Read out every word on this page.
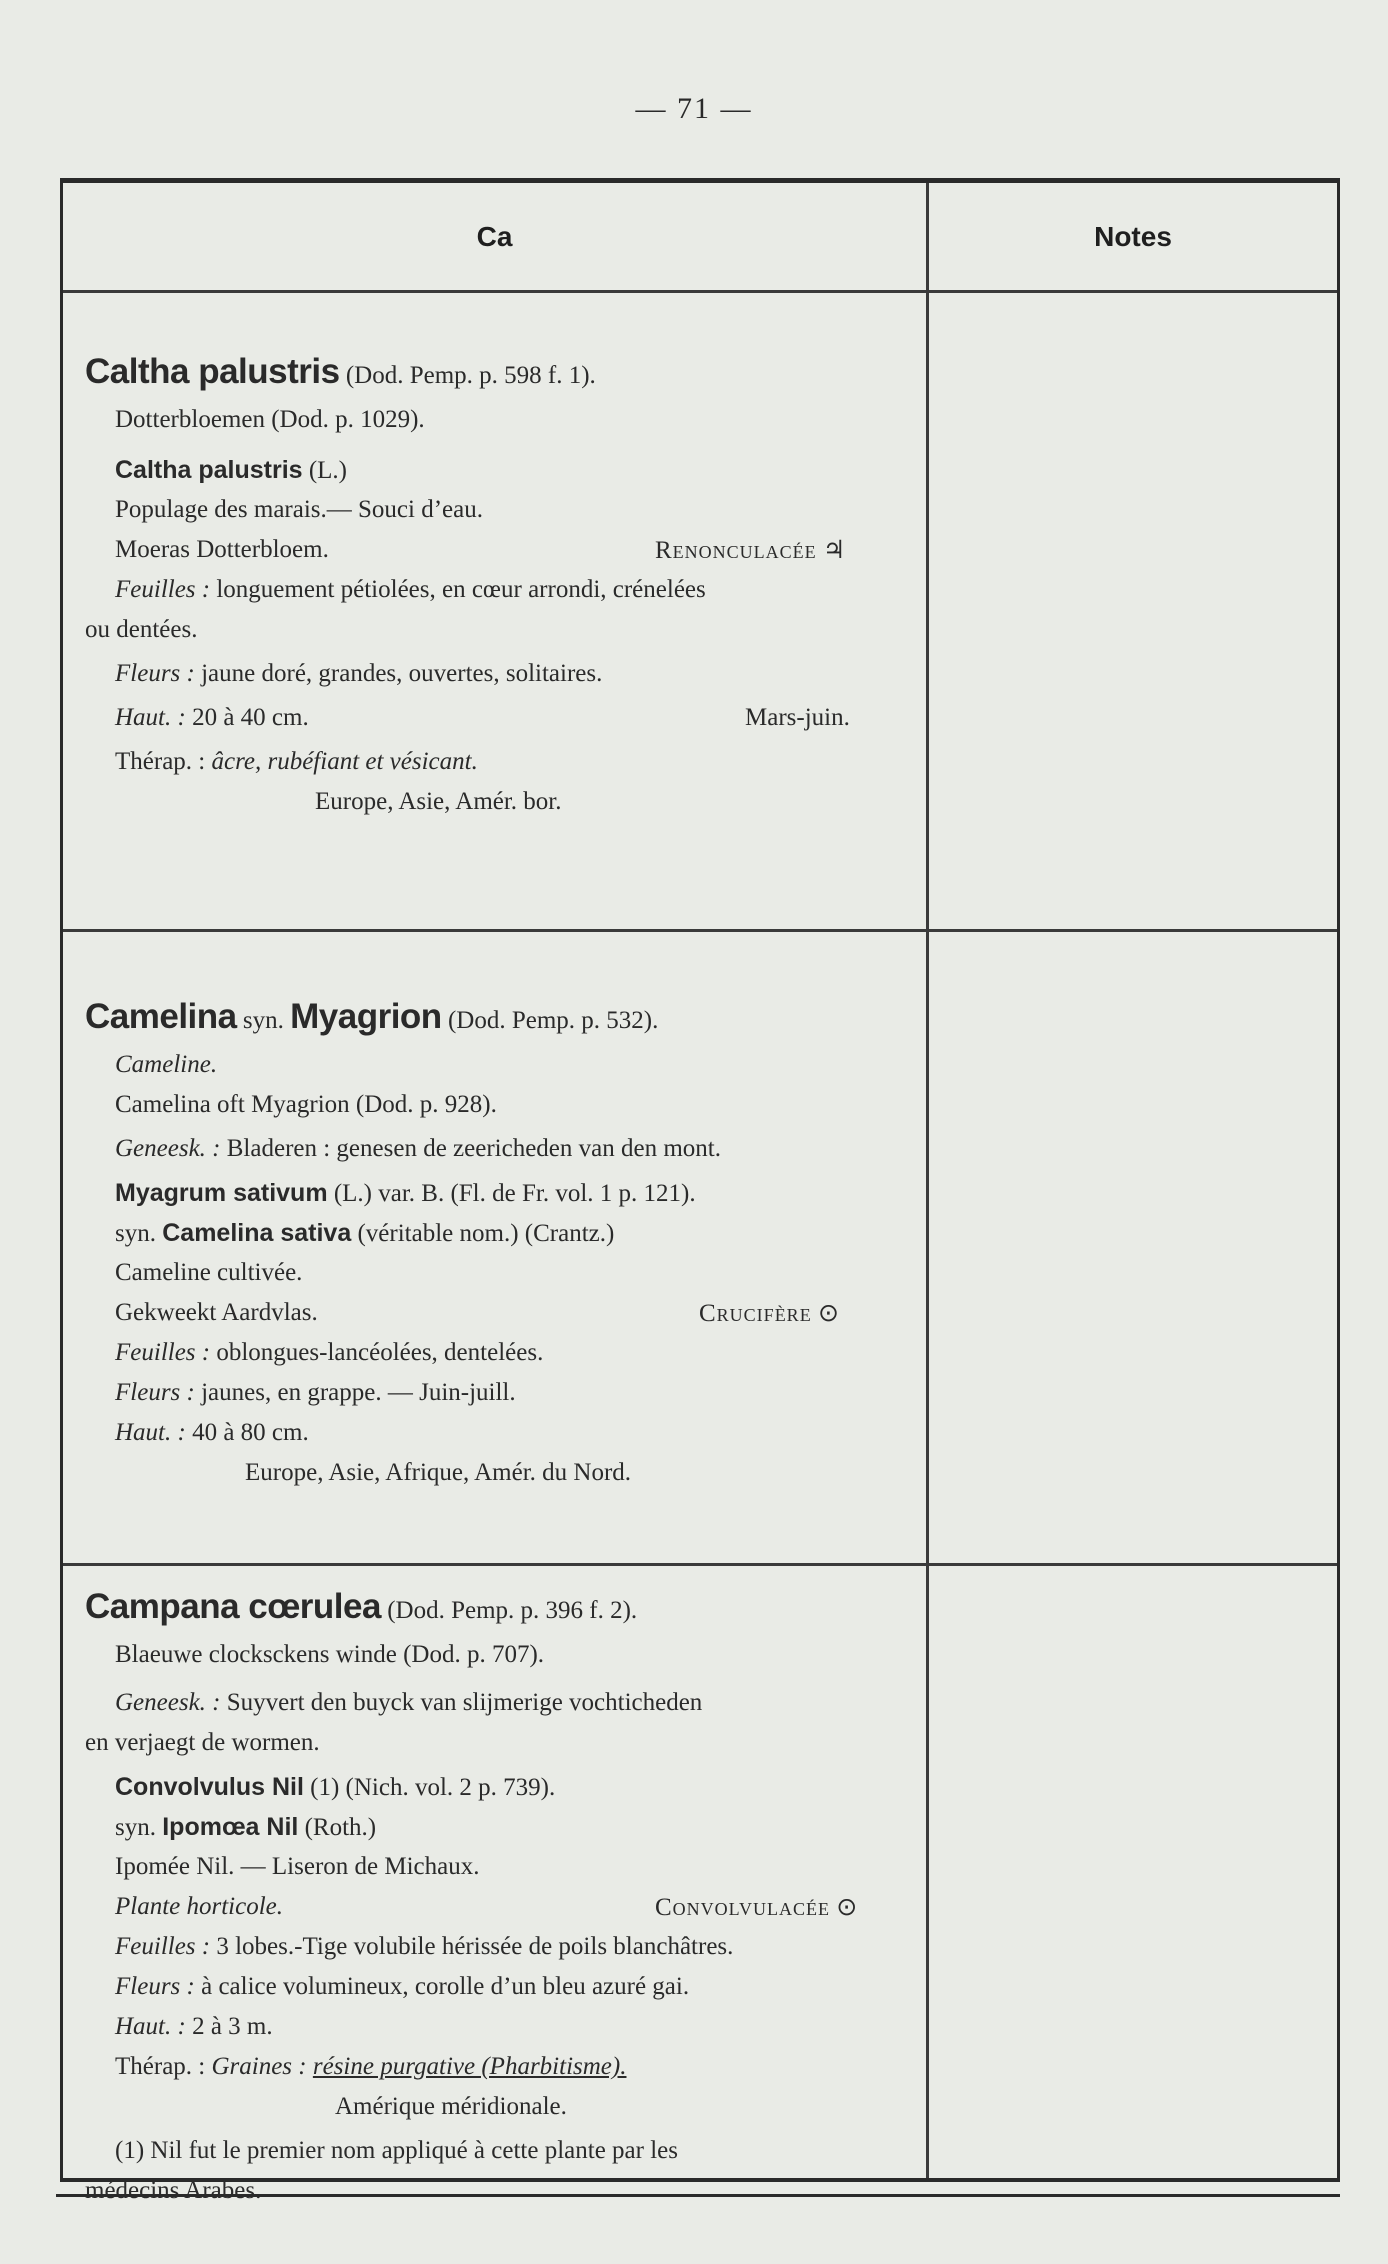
— 71 —
Ca	Notes
Caltha palustris (Dod. Pemp. p. 598 f. 1).
Dotterbloemen (Dod. p. 1029).
Caltha palustris (L.)
Populage des marais.— Souci d’eau.
Moeras Dotterbloem.	Renonculacée ♃
Feuilles : longuement pétiolées, en cœur arrondi, crénelées
ou dentées.
Fleurs : jaune doré, grandes, ouvertes, solitaires.
Haut. : 20 à 40 cm.	Mars-juin.
Thérap. : âcre, rubéfiant et vésicant.
Europe, Asie, Amér. bor.
Camelina syn. Myagrion (Dod. Pemp. p. 532).
Cameline.
Camelina oft Myagrion (Dod. p. 928).
Geneesk. : Bladeren : genesen de zeericheden van den mont.
Myagrum sativum (L.) var. B. (Fl. de Fr. vol. 1 p. 121).
syn. Camelina sativa (véritable nom.) (Crantz.)
Cameline cultivée.
Gekweekt Aardvlas.	Crucifère ⊙
Feuilles : oblongues-lancéolées, dentelées.
Fleurs : jaunes, en grappe. — Juin-juill.
Haut. : 40 à 80 cm.
Europe, Asie, Afrique, Amér. du Nord.
Campana cœrulea (Dod. Pemp. p. 396 f. 2).
Blaeuwe clocksckens winde (Dod. p. 707).
Geneesk. : Suyvert den buyck van slijmerige vochticheden
en verjaegt de wormen.
Convolvulus Nil (1) (Nich. vol. 2 p. 739).
syn. Ipomœa Nil (Roth.)
Ipomée Nil. — Liseron de Michaux.
Plante horticole.	Convolvulacée ⊙
Feuilles : 3 lobes.-Tige volubile hérissée de poils blanchâtres.
Fleurs : à calice volumineux, corolle d’un bleu azuré gai.
Haut. : 2 à 3 m.
Thérap. : Graines : résine purgative (Pharbitisme).
Amérique méridionale.
(1) Nil fut le premier nom appliqué à cette plante par les
médecins Arabes.
